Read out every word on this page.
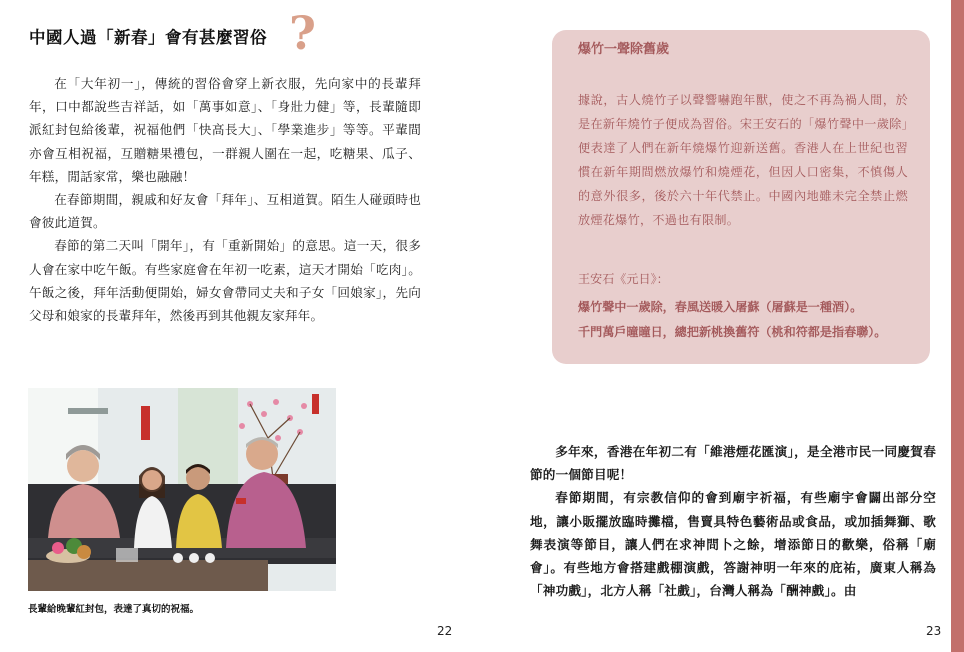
中國人過「新春」會有甚麼習俗 ?

在「大年初一」，傳統的習俗會穿上新衣服，先向家中的長輩拜年，口中都說些吉祥話，如「萬事如意」、「身壯力健」等，長輩隨即派紅封包給後輩，祝福他們「快高長大」、「學業進步」等等。平輩間亦會互相祝福，互贈糖果禮包，一群親人圍在一起，吃糖果、瓜子、年糕，閒話家常，樂也融融！

在春節期間，親戚和好友會「拜年」、互相道賀。陌生人碰頭時也會彼此道賀。

春節的第二天叫「開年」，有「重新開始」的意思。這一天，很多人會在家中吃午飯。有些家庭會在年初一吃素，這天才開始「吃肉」。午飯之後，拜年活動便開始，婦女會帶同丈夫和子女「回娘家」，先向父母和娘家的長輩拜年，然後再到其他親友家拜年。

長輩給晚輩紅封包，表達了真切的祝福。
22
爆竹一聲除舊歲
據說，古人燒竹子以聲響嚇跑年獸，使之不再為禍人間，於是在新年燒竹子便成為習俗。宋王安石的「爆竹聲中一歲除」便表達了人們在新年燒爆竹迎新送舊。香港人在上世紀也習慣在新年期間燃放爆竹和燒煙花，但因人口密集，不慎傷人的意外很多，後於六十年代禁止。中國內地雖未完全禁止燃放煙花爆竹，不過也有限制。
王安石《元日》：
爆竹聲中一歲除，春風送暖入屠蘇（屠蘇是一種酒）。
千門萬戶曈曈日，總把新桃換舊符（桃和符都是指春聯）。

多年來，香港在年初二有「維港煙花匯演」，是全港市民一同慶賀春節的一個節目呢！

春節期間，有宗教信仰的會到廟宇祈福，有些廟宇會闢出部分空地，讓小販擺放臨時攤檔，售賣具特色藝術品或食品，或加插舞獅、歌舞表演等節目，讓人們在求神問卜之餘，增添節日的歡樂，俗稱「廟會」。有些地方會搭建戲棚演戲，答謝神明一年來的庇祐，廣東人稱為「神功戲」，北方人稱「社戲」，台灣人稱為「酬神戲」。由

23
